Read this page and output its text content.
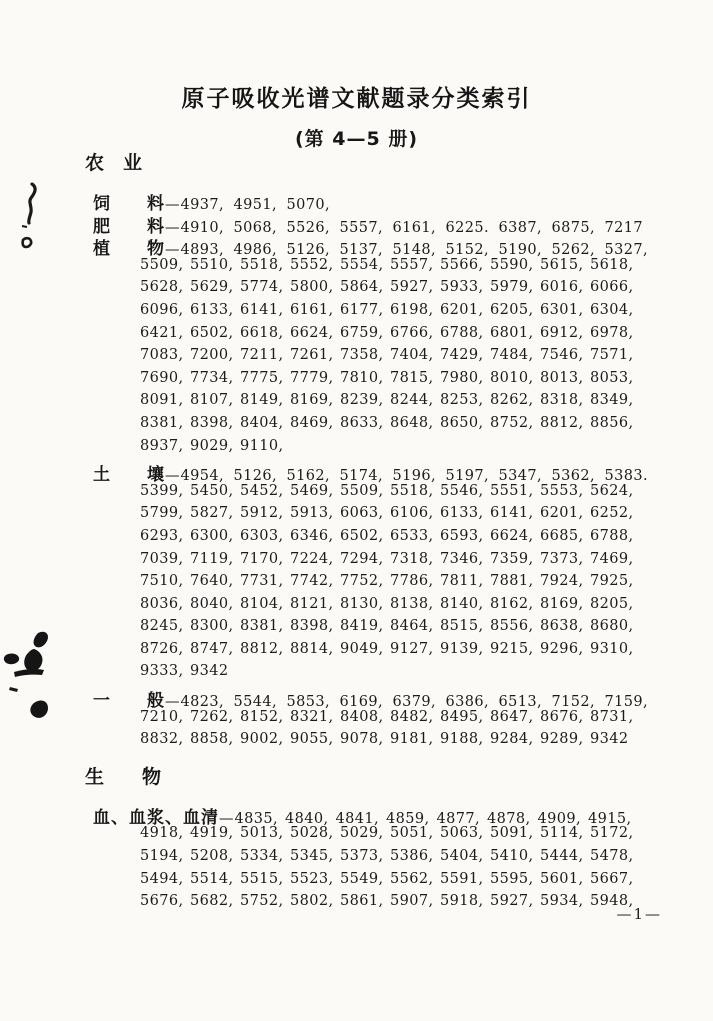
原子吸收光谱文献题录分类索引
(第 4—5 册)
农　业
饲　　料 — 4937, 4951, 5070,
肥　　料 — 4910, 5068, 5526, 5557, 6161, 6225. 6387, 6875, 7217
植　　物 — 4893, 4986, 5126, 5137, 5148, 5152, 5190, 5262, 5327,
5509, 5510, 5518, 5552, 5554, 5557, 5566, 5590, 5615, 5618,
5628, 5629, 5774, 5800, 5864, 5927, 5933, 5979, 6016, 6066,
6096, 6133, 6141, 6161, 6177, 6198, 6201, 6205, 6301, 6304,
6421, 6502, 6618, 6624, 6759, 6766, 6788, 6801, 6912, 6978,
7083, 7200, 7211, 7261, 7358, 7404, 7429, 7484, 7546, 7571,
7690, 7734, 7775, 7779, 7810, 7815, 7980, 8010, 8013, 8053,
8091, 8107, 8149, 8169, 8239, 8244, 8253, 8262, 8318, 8349,
8381, 8398, 8404, 8469, 8633, 8648, 8650, 8752, 8812, 8856,
8937, 9029, 9110,
土　　壤 — 4954, 5126, 5162, 5174, 5196, 5197, 5347, 5362, 5383.
5399, 5450, 5452, 5469, 5509, 5518, 5546, 5551, 5553, 5624,
5799, 5827, 5912, 5913, 6063, 6106, 6133, 6141, 6201, 6252,
6293, 6300, 6303, 6346, 6502, 6533, 6593, 6624, 6685, 6788,
7039, 7119, 7170, 7224, 7294, 7318, 7346, 7359, 7373, 7469,
7510, 7640, 7731, 7742, 7752, 7786, 7811, 7881, 7924, 7925,
8036, 8040, 8104, 8121, 8130, 8138, 8140, 8162, 8169, 8205,
8245, 8300, 8381, 8398, 8419, 8464, 8515, 8556, 8638, 8680,
8726, 8747, 8812, 8814, 9049, 9127, 9139, 9215, 9296, 9310,
9333, 9342
一　　般 — 4823, 5544, 5853, 6169, 6379, 6386, 6513, 7152, 7159,
7210, 7262, 8152, 8321, 8408, 8482, 8495, 8647, 8676, 8731,
8832, 8858, 9002, 9055, 9078, 9181, 9188, 9284, 9289, 9342
生　　物
血、血浆、血清 — 4835, 4840, 4841, 4859, 4877, 4878, 4909, 4915,
4918, 4919, 5013, 5028, 5029, 5051, 5063, 5091, 5114, 5172,
5194, 5208, 5334, 5345, 5373, 5386, 5404, 5410, 5444, 5478,
5494, 5514, 5515, 5523, 5549, 5562, 5591, 5595, 5601, 5667,
5676, 5682, 5752, 5802, 5861, 5907, 5918, 5927, 5934, 5948,
—1—
